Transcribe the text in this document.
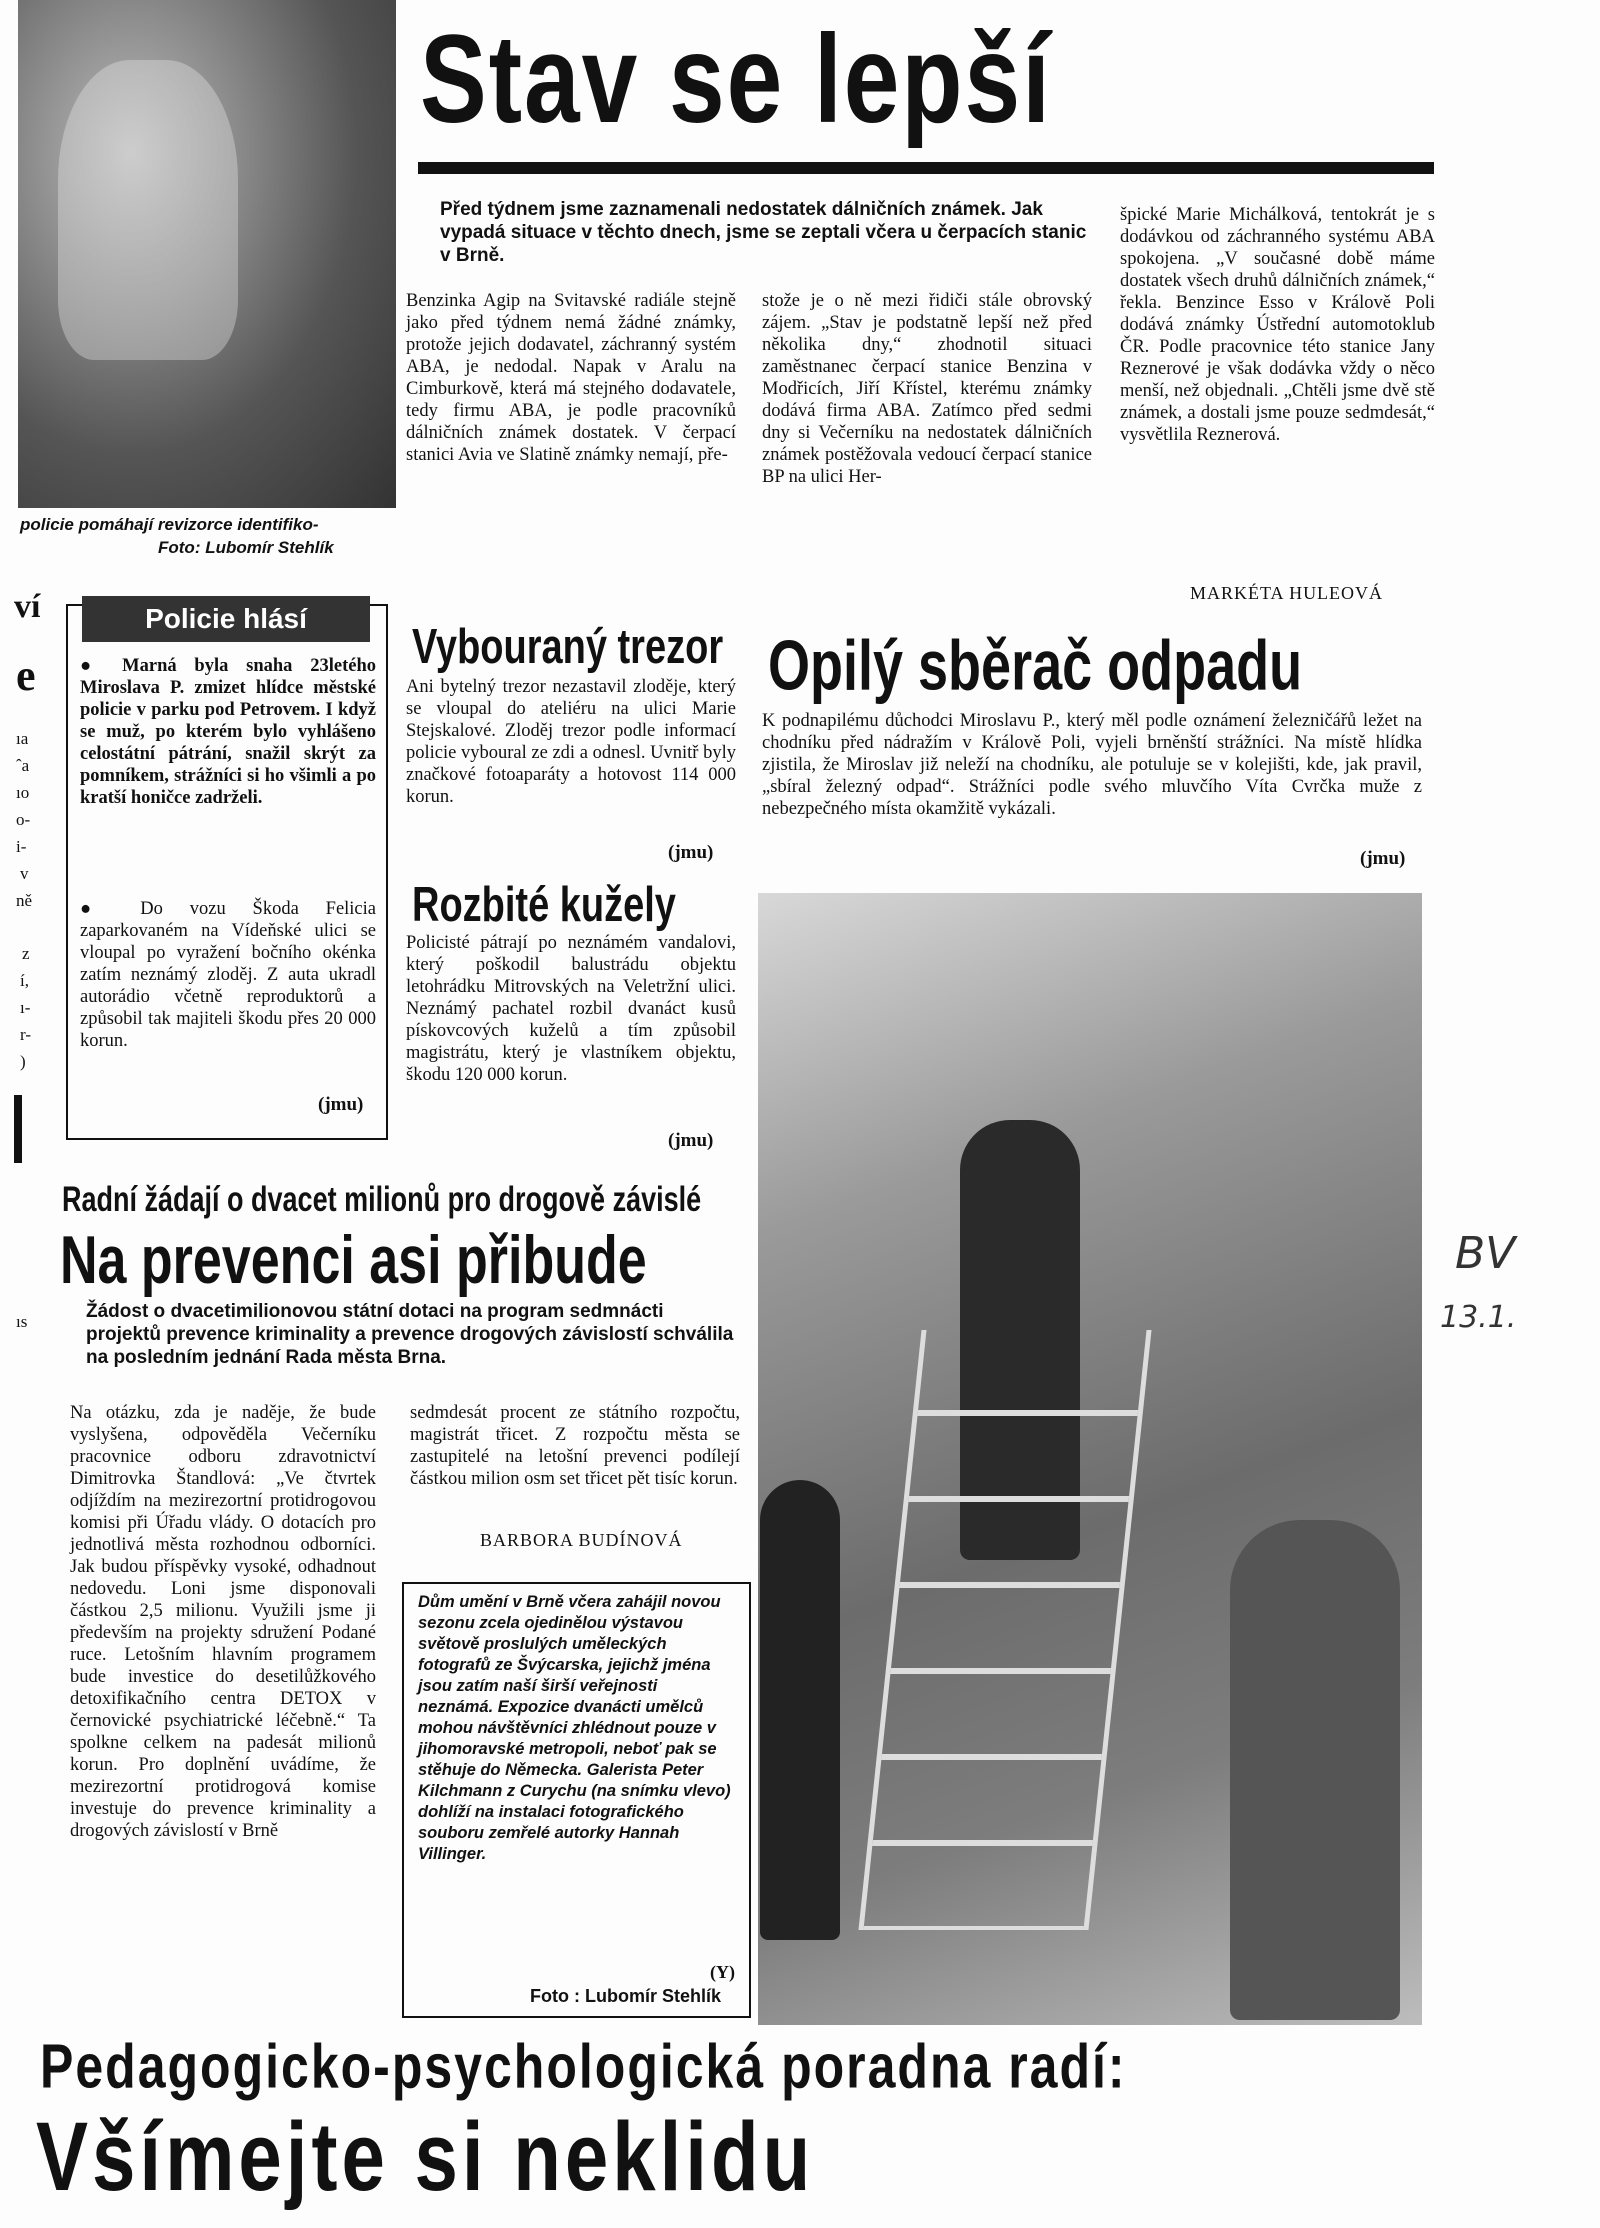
policie pomáhají revizorce identifiko-
Foto: Lubomír Stehlík
ví
e
ıa
ˆa
ıo
o-
i-
v
ně
z
í,
ı-
r-
)
ıs
Stav se lepší
Před týdnem jsme zaznamenali nedostatek dálničních známek. Jak vypadá situace v těchto dnech, jsme se zeptali včera u čerpacích stanic v Brně.
Benzinka Agip na Svitavské radiále stejně jako před týdnem nemá žádné známky, protože jejich dodavatel, záchranný systém ABA, je nedodal. Napak v Aralu na Cimburkově, která má stejného dodavatele, tedy firmu ABA, je podle pracovníků dálničních známek dostatek. V čerpací stanici Avia ve Slatině známky nemají, pře-
stože je o ně mezi řidiči stále obrovský zájem. „Stav je podstatně lepší než před několika dny,“ zhodnotil situaci zaměstnanec čerpací stanice Benzina v Modřicích, Jiří Křístel, kterému známky dodává firma ABA. Zatímco před sedmi dny si Večerníku na nedostatek dálničních známek postěžovala vedoucí čerpací stanice BP na ulici Her-
špické Marie Michálková, tentokrát je s dodávkou od záchranného systému ABA spokojena. „V současné době máme dostatek všech druhů dálničních známek,“ řekla. Benzince Esso v Králově Poli dodává známky Ústřední automotoklub ČR. Podle pracovnice této stanice Jany Reznerové je však dodávka vždy o něco menší, než objednali. „Chtěli jsme dvě stě známek, a dostali jsme pouze sedmdesát,“ vysvětlila Reznerová.
MARKÉTA HULEOVÁ
Policie hlásí
● Marná byla snaha 23letého Miroslava P. zmizet hlídce městské policie v parku pod Petrovem. I když se muž, po kterém bylo vyhlášeno celostátní pátrání, snažil skrýt za pomníkem, strážníci si ho všimli a po kratší honičce zadrželi.
● Do vozu Škoda Felicia zaparkovaném na Vídeňské ulici se vloupal po vyražení bočního okénka zatím neznámý zloděj. Z auta ukradl autorádio včetně reproduktorů a způsobil tak majiteli škodu přes 20 000 korun.
(jmu)
Vybouraný trezor
Ani bytelný trezor nezastavil zloděje, který se vloupal do ateliéru na ulici Marie Stejskalové. Zloděj trezor podle informací policie vyboural ze zdi a odnesl. Uvnitř byly značkové fotoaparáty a hotovost 114 000 korun.
(jmu)
Rozbité kužely
Policisté pátrají po neznámém vandalovi, který poškodil balustrádu objektu letohrádku Mitrovských na Veletržní ulici. Neznámý pachatel rozbil dvanáct kusů pískovcových kuželů a tím způsobil magistrátu, který je vlastníkem objektu, škodu 120 000 korun.
(jmu)
Opilý sběrač odpadu
K podnapilému důchodci Miroslavu P., který měl podle oznámení železničářů ležet na chodníku před nádražím v Králově Poli, vyjeli brněnští strážníci. Na místě hlídka zjistila, že Miroslav již neleží na chodníku, ale potuluje se v kolejišti, kde, jak pravil, „sbíral železný odpad“. Strážníci podle svého mluvčího Víta Cvrčka muže z nebezpečného místa okamžitě vykázali.
(jmu)
Radní žádají o dvacet milionů pro drogově závislé
Na prevenci asi přibude
Žádost o dvacetimilionovou státní dotaci na program sedmnácti projektů prevence kriminality a prevence drogových závislostí schválila na posledním jednání Rada města Brna.
Na otázku, zda je naděje, že bude vyslyšena, odpověděla Večerníku pracovnice odboru zdravotnictví Dimitrovka Štandlová: „Ve čtvrtek odjíždím na mezirezortní protidrogovou komisi při Úřadu vlády. O dotacích pro jednotlivá města rozhodnou odborníci. Jak budou příspěvky vysoké, odhadnout nedovedu. Loni jsme disponovali částkou 2,5 milionu. Využili jsme ji především na projekty sdružení Podané ruce. Letošním hlavním programem bude investice do desetilůžkového detoxifikačního centra DETOX v černovické psychiatrické léčebně.“ Ta spolkne celkem na padesát milionů korun. Pro doplnění uvádíme, že mezirezortní protidrogová komise investuje do prevence kriminality a drogových závislostí v Brně
sedmdesát procent ze státního rozpočtu, magistrát třicet. Z rozpočtu města se zastupitelé na letošní prevenci podílejí částkou milion osm set třicet pět tisíc korun.
BARBORA BUDÍNOVÁ
Dům umění v Brně včera zahájil novou sezonu zcela ojedinělou výstavou světově proslulých uměleckých fotografů ze Švýcarska, jejichž jména jsou zatím naší širší veřejnosti neznámá. Expozice dvanácti umělců mohou návštěvníci zhlédnout pouze v jihomoravské metropoli, neboť pak se stěhuje do Německa. Galerista Peter Kilchmann z Curychu (na snímku vlevo) dohlíží na instalaci fotografického souboru zemřelé autorky Hannah Villinger.
(Y)
Foto : Lubomír Stehlík
BV
13.1.
Pedagogicko-psychologická poradna radí:
Všímejte si neklidu
